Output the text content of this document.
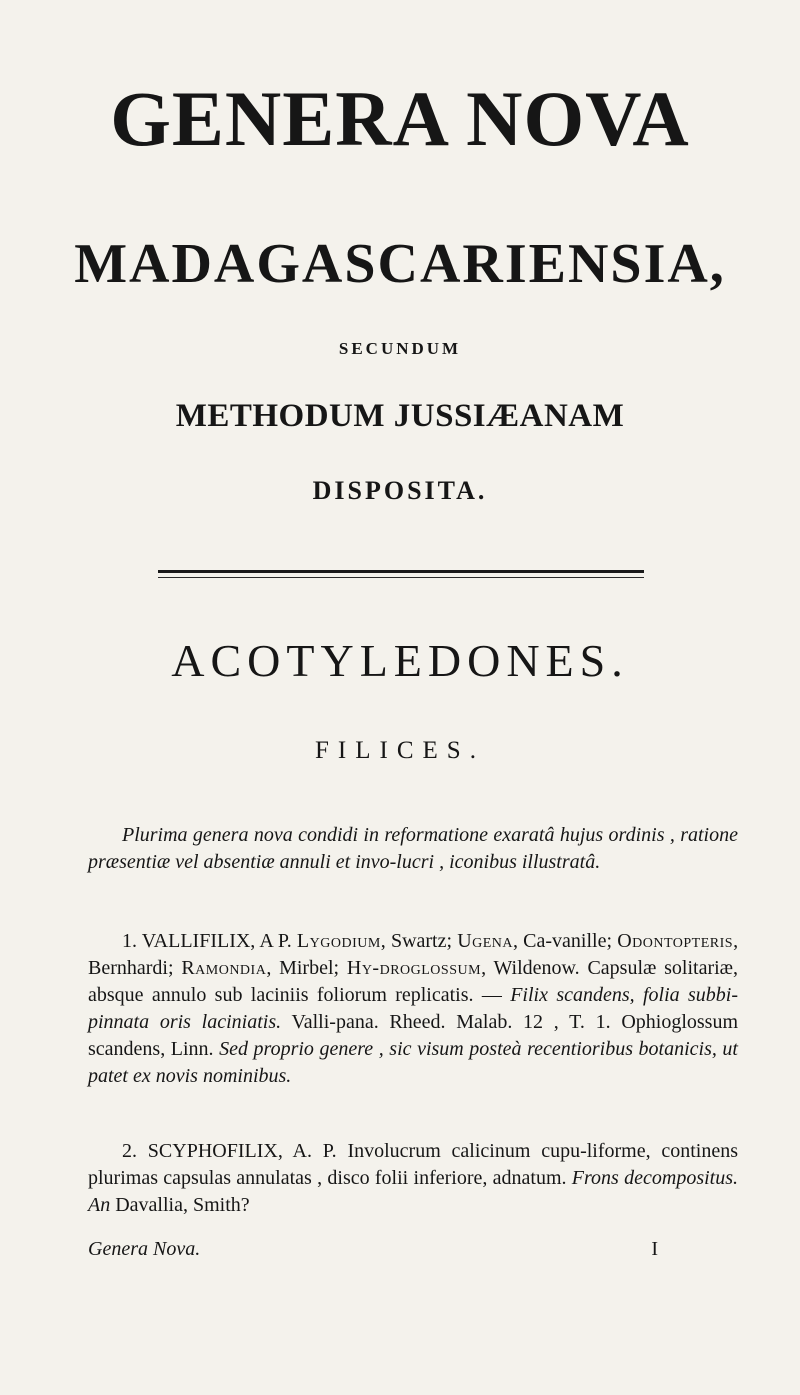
GENERA NOVA
MADAGASCARIENSIA,
SECUNDUM
METHODUM JUSSIÆANAM
DISPOSITA.
ACOTYLEDONES.
FILICES.

Plurima genera nova condidi in reformatione exaratâ hujus ordinis , ratione præsentiæ vel absentiæ annuli et invo-lucri , iconibus illustratâ.

1. VALLIFILIX, A P. Lygodium, Swartz; Ugena, Ca-vanille; Odontopteris, Bernhardi; Ramondia, Mirbel; Hy-droglossum, Wildenow. Capsulæ solitariæ, absque annulo sub laciniis foliorum replicatis. — Filix scandens, folia subbi-pinnata oris laciniatis. Valli-pana. Rheed. Malab. 12 , T. 1. Ophioglossum scandens, Linn. Sed proprio genere , sic visum posteà recentioribus botanicis, ut patet ex novis nominibus.

2. SCYPHOFILIX, A. P. Involucrum calicinum cupu-liforme, continens plurimas capsulas annulatas , disco folii inferiore, adnatum. Frons decompositus. An Davallia, Smith?

Genera Nova.	I
